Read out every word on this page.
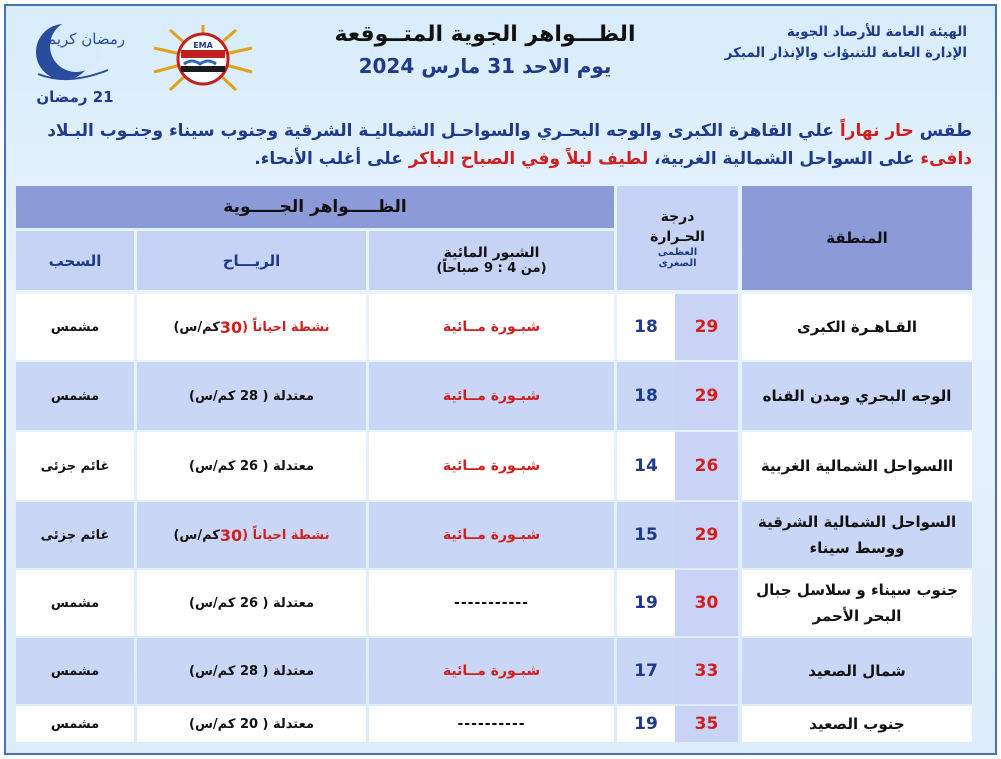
رمضان كريم
21 رمضان
EMA	الظـــواهر الجوية المتــوقعة
يوم الاحد 31 مارس 2024
الهيئة العامة للأرصاد الجوية
الإدارة العامة للتنبؤات والإنذار المبكر
طقس حار نهاراً علي القاهرة الكبرى والوجه البحـري والسواحـل الشماليـة الشرقية وجنوب سيناء وجنـوب البـلاد دافىء على السواحل الشمالية الغربية، لطيف ليلاً وفي الصباح الباكر على أغلب الأنحاء.
المنطقة
درجة الحـرارة
العظمى
الصغرى
الظـــــواهر الجـــــوية
الشبور المائية
(من 4 : 9 صباحاً)
الريـــاح
السحب
القـاهـرة الكبرى
29
18
شبـورة مــائية
نشطة احياناً (
30
كم/س)
مشمس
الوجه البحري ومدن القناه
29
18
شبـورة مــائية
معتدلة ( 28 كم/س)
مشمس
االسواحل الشمالية الغربية
26
14
شبـورة مــائية
معتدلة ( 26 كم/س)
غائم جزئى
السواحل الشمالية الشرقية ووسط سيناء
29
15
شبـورة مــائية
نشطة احياناً (
30
كم/س)
غائم جزئى
جنوب سيناء و سلاسل جبال البحر الأحمر
30
19
-----------
معتدلة ( 26 كم/س)
مشمس
شمال الصعيد
33
17
شبـورة مــائية
معتدلة ( 28 كم/س)
مشمس
جنوب الصعيد
35
19
----------
معتدلة ( 20 كم/س)
مشمس
